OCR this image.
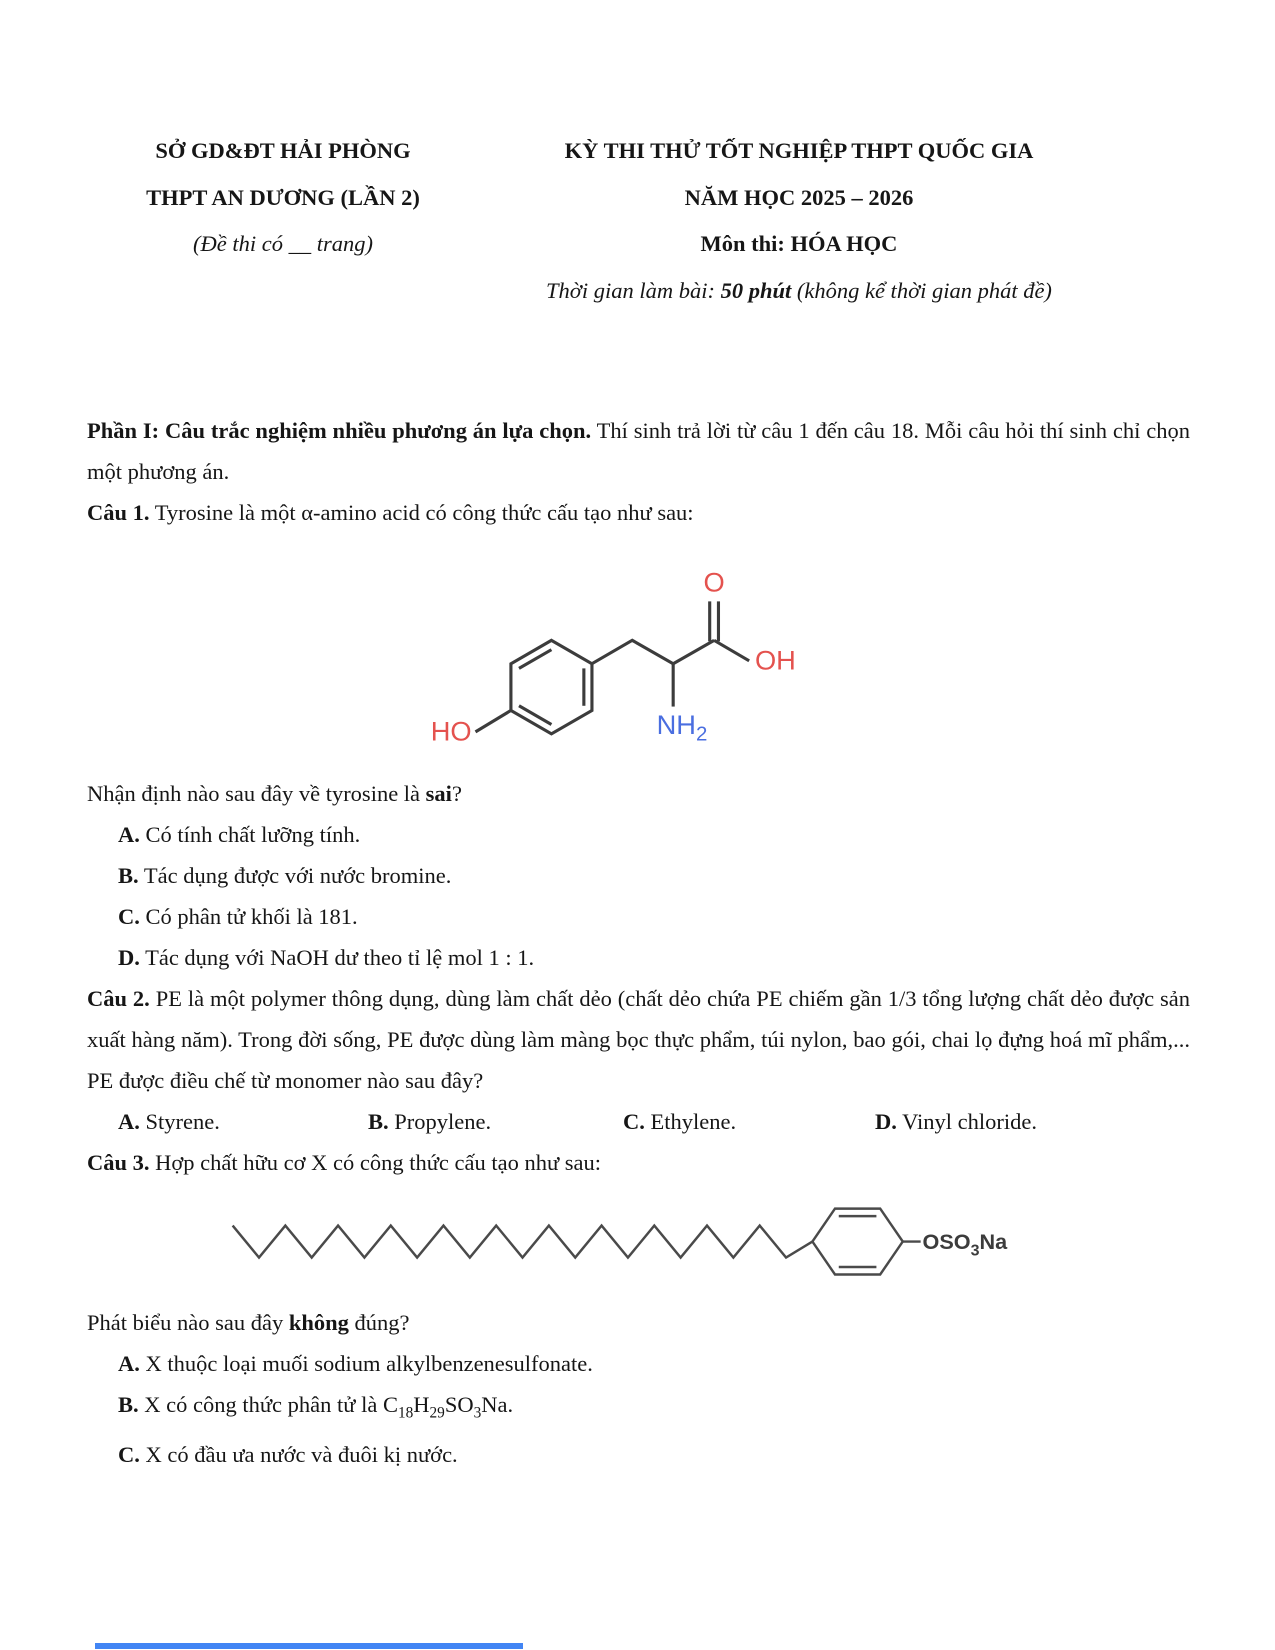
SỞ GD&ĐT HẢI PHÒNG
THPT AN DƯƠNG (LẦN 2)
(Đề thi có __ trang)
KỲ THI THỬ TỐT NGHIỆP THPT QUỐC GIA
NĂM HỌC 2025 – 2026
Môn thi: HÓA HỌC
Thời gian làm bài: 50 phút (không kể thời gian phát đề)

Phần I: Câu trắc nghiệm nhiều phương án lựa chọn. Thí sinh trả lời từ câu 1 đến câu 18. Mỗi câu hỏi thí sinh chỉ chọn một phương án.

Câu 1. Tyrosine là một α-amino acid có công thức cấu tạo như sau:

HO
O
OH
$NH_2$

Nhận định nào sau đây về tyrosine là sai?

A. Có tính chất lưỡng tính.
B. Tác dụng được với nước bromine.
C. Có phân tử khối là 181.
D. Tác dụng với NaOH dư theo tỉ lệ mol 1 : 1.

Câu 2. PE là một polymer thông dụng, dùng làm chất dẻo (chất dẻo chứa PE chiếm gần 1/3 tổng lượng chất dẻo được sản xuất hàng năm). Trong đời sống, PE được dùng làm màng bọc thực phẩm, túi nylon, bao gói, chai lọ đựng hoá mĩ phẩm,... PE được điều chế từ monomer nào sau đây?

A. Styrene.	B. Propylene.	C. Ethylene.	D. Vinyl chloride.

Câu 3. Hợp chất hữu cơ X có công thức cấu tạo như sau:

$OSO_3Na$

Phát biểu nào sau đây không đúng?

A. X thuộc loại muối sodium alkylbenzenesulfonate.
B. X có công thức phân tử là $C_{18}H_{29}SO_3Na$.
C. X có đầu ưa nước và đuôi kị nước.
